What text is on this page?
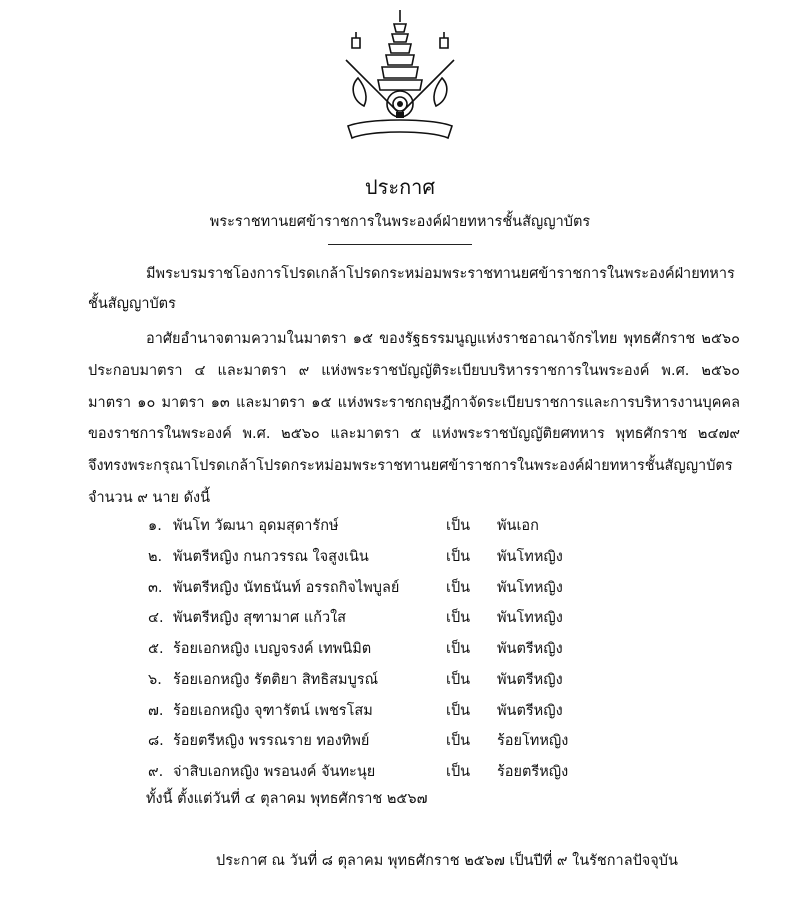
ประกาศ
พระราชทานยศข้าราชการในพระองค์ฝ่ายทหารชั้นสัญญาบัตร
มีพระบรมราชโองการโปรดเกล้าโปรดกระหม่อมพระราชทานยศข้าราชการในพระองค์ฝ่ายทหาร
ชั้นสัญญาบัตร
อาศัยอำนาจตามความในมาตรา ๑๕ ของรัฐธรรมนูญแห่งราชอาณาจักรไทย พุทธศักราช ๒๕๖๐
ประกอบมาตรา ๔ และมาตรา ๙ แห่งพระราชบัญญัติระเบียบบริหารราชการในพระองค์ พ.ศ. ๒๕๖๐
มาตรา ๑๐ มาตรา ๑๓ และมาตรา ๑๕ แห่งพระราชกฤษฎีกาจัดระเบียบราชการและการบริหารงานบุคคล
ของราชการในพระองค์ พ.ศ. ๒๕๖๐ และมาตรา ๕ แห่งพระราชบัญญัติยศทหาร พุทธศักราช ๒๔๗๙
จึงทรงพระกรุณาโปรดเกล้าโปรดกระหม่อมพระราชทานยศข้าราชการในพระองค์ฝ่ายทหารชั้นสัญญาบัตร
จำนวน ๙ นาย ดังนี้
๑. พันโท วัฒนา อุดมสุดารักษ์	เป็น พันเอก
๒. พันตรีหญิง กนกวรรณ ใจสูงเนิน	เป็น พันโทหญิง
๓. พันตรีหญิง นัทธนันท์ อรรถกิจไพบูลย์	เป็น พันโทหญิง
๔. พันตรีหญิง สุฑามาศ แก้วใส	เป็น พันโทหญิง
๕. ร้อยเอกหญิง เบญจรงค์ เทพนิมิต	เป็น พันตรีหญิง
๖. ร้อยเอกหญิง รัตติยา สิทธิสมบูรณ์	เป็น พันตรีหญิง
๗. ร้อยเอกหญิง จุฑารัตน์ เพชรโสม	เป็น พันตรีหญิง
๘. ร้อยตรีหญิง พรรณราย ทองทิพย์	เป็น ร้อยโทหญิง
๙. จ่าสิบเอกหญิง พรอนงค์ จันทะนุย	เป็น ร้อยตรีหญิง
ทั้งนี้ ตั้งแต่วันที่ ๔ ตุลาคม พุทธศักราช ๒๕๖๗
ประกาศ ณ วันที่ ๘ ตุลาคม พุทธศักราช ๒๕๖๗ เป็นปีที่ ๙ ในรัชกาลปัจจุบัน
